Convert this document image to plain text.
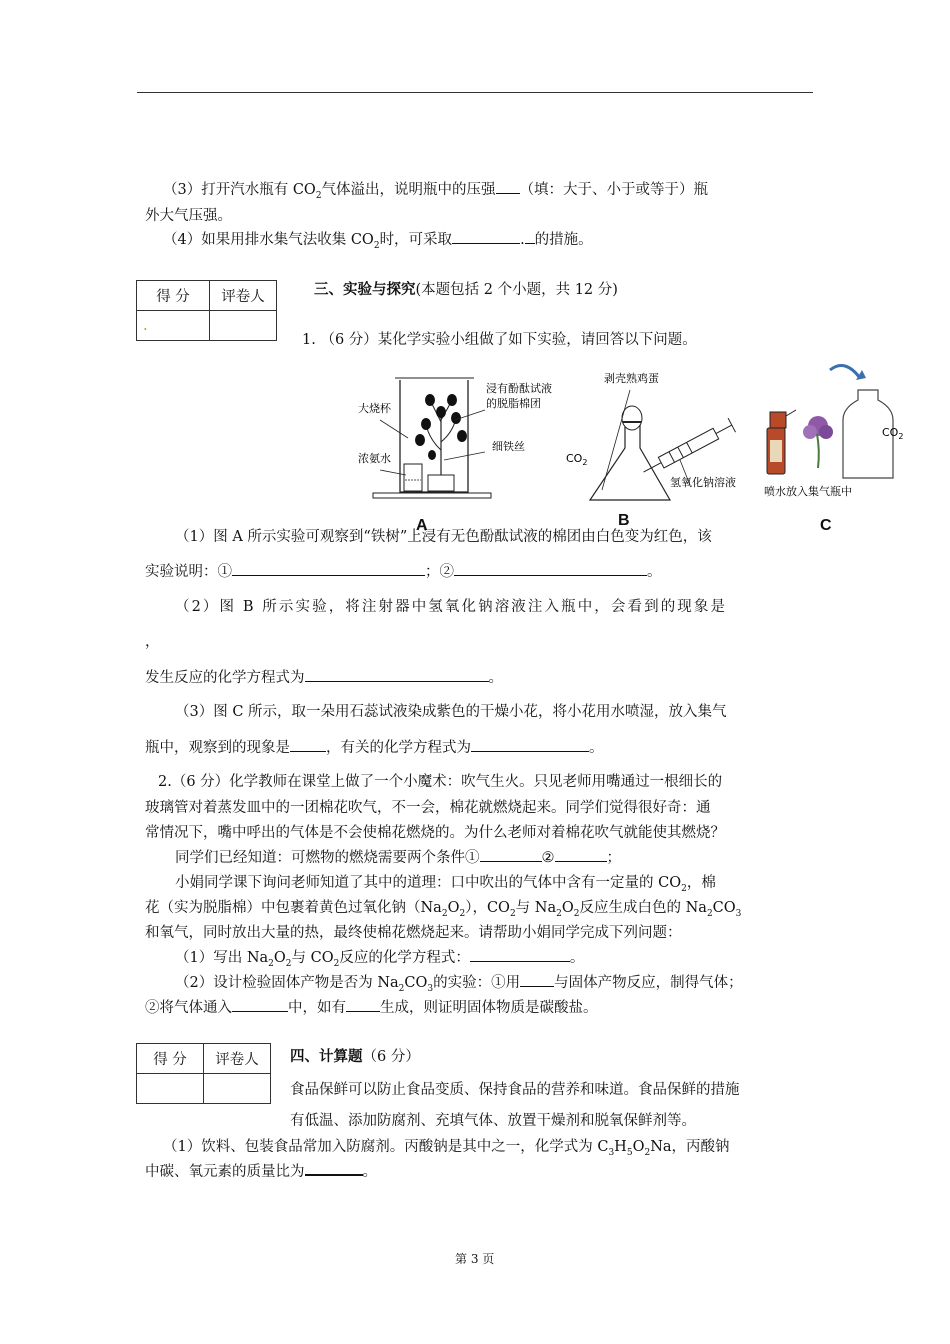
（3）打开汽水瓶有 $CO_2$气体溢出，说明瓶中的压强 （填：大于、小于或等于）瓶
外大气压强。
（4）如果用排水集气法收集 $CO_2$时，可采取	. 的措施。
得 分	评卷人
.	
三、实验与探究(本题包括 2 个小题，共 12 分)
1. （6 分）某化学实验小组做了如下实验，请回答以下问题。
大烧杯
浓氨水
浸有酚酞试液
的脱脂棉团
细铁丝
剥壳熟鸡蛋
$CO_2$
氢氧化钠溶液
$CO_2$
喷水放入集气瓶中
A	B	C
（1）图 A 所示实验可观察到“铁树”上浸有无色酚酞试液的棉团由白色变为红色，该
实验说明：①	；②	。
（2）图 B 所示实验，将注射器中氢氧化钠溶液注入瓶中，会看到的现象是
，
发生反应的化学方程式为	。
（3）图 C 所示，取一朵用石蕊试液染成紫色的干燥小花，将小花用水喷湿，放入集气
瓶中，观察到的现象是 ，有关的化学方程式为	。
2.（6 分）化学教师在课堂上做了一个小魔术：吹气生火。只见老师用嘴通过一根细长的
玻璃管对着蒸发皿中的一团棉花吹气，不一会，棉花就燃烧起来。同学们觉得很好奇：通
常情况下，嘴中呼出的气体是不会使棉花燃烧的。为什么老师对着棉花吹气就能使其燃烧？
同学们已经知道：可燃物的燃烧需要两个条件①	②	；
小娟同学课下询问老师知道了其中的道理：口中吹出的气体中含有一定量的 $CO_2$，棉
花（实为脱脂棉）中包裹着黄色过氧化钠$(Na_2O_2)$，$CO_2$与 $Na_2O_2$反应生成白色的 $Na_2CO_3$
和氧气，同时放出大量的热，最终使棉花燃烧起来。请帮助小娟同学完成下列问题：
（1）写出 $Na_2O_2$与 $CO_2$反应的化学方程式：	。
（2）设计检验固体产物是否为 $Na_2CO_3$的实验：①用 与固体产物反应，制得气体；
②将气体通入	中，如有 生成，则证明固体物质是碳酸盐。
得 分	评卷人
	四、计算题（6 分）
食品保鲜可以防止食品变质、保持食品的营养和味道。食品保鲜的措施
有低温、添加防腐剂、充填气体、放置干燥剂和脱氧保鲜剂等。
（1）饮料、包装食品常加入防腐剂。丙酸钠是其中之一，化学式为 $C_3H_5O_2Na$，丙酸钠
中碳、氧元素的质量比为	。
第 3 页
